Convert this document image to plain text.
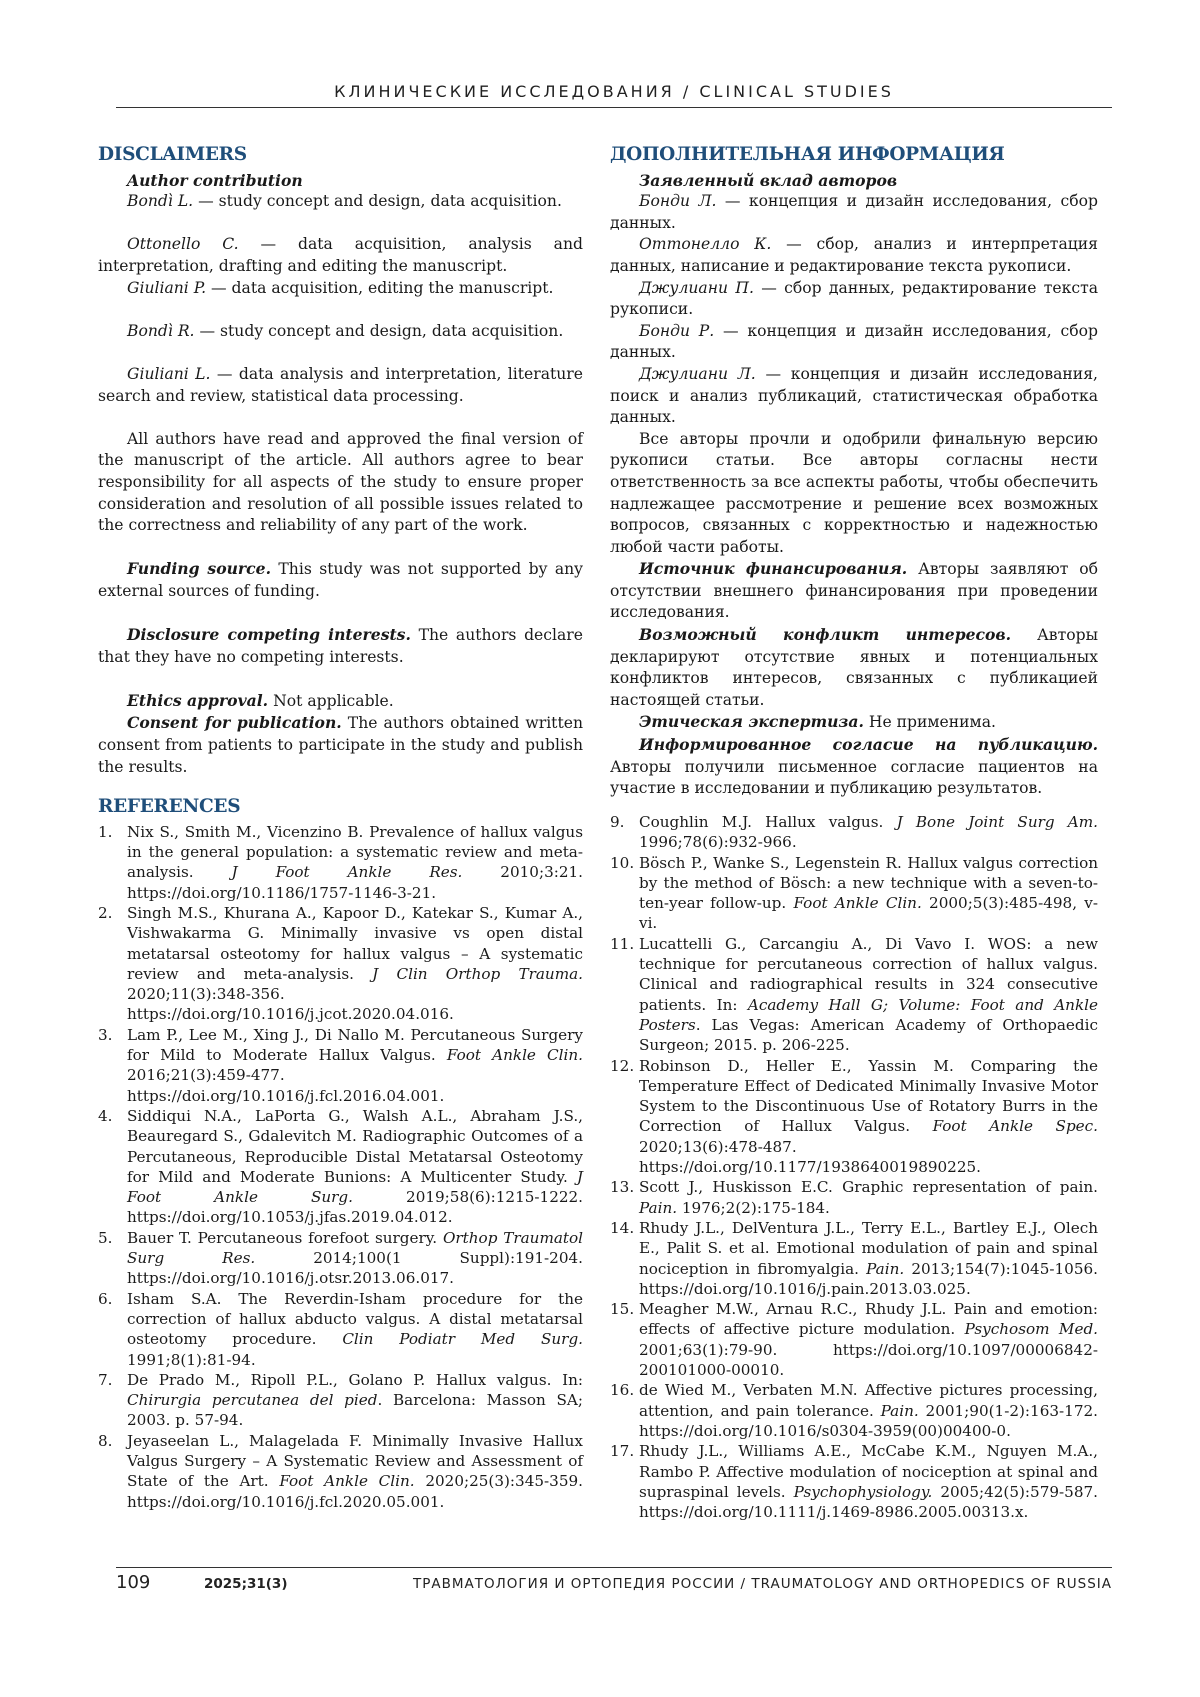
КЛИНИЧЕСКИЕ ИССЛЕДОВАНИЯ / CLINICAL STUDIES
DISCLAIMERS

Author contribution

Bondì L. — study concept and design, data acquisition.

Ottonello C. — data acquisition, analysis and interpretation, drafting and editing the manuscript.

Giuliani P. — data acquisition, editing the manuscript.

Bondì R. — study concept and design, data acquisition.

Giuliani L. — data analysis and interpretation, literature search and review, statistical data processing.

All authors have read and approved the final version of the manuscript of the article. All authors agree to bear responsibility for all aspects of the study to ensure proper consideration and resolution of all possible issues related to the correctness and reliability of any part of the work.

Funding source. This study was not supported by any external sources of funding.

Disclosure competing interests. The authors declare that they have no competing interests.

Ethics approval. Not applicable.

Consent for publication. The authors obtained written consent from patients to participate in the study and publish the results.

REFERENCES
ДОПОЛНИТЕЛЬНАЯ ИНФОРМАЦИЯ

Заявленный вклад авторов

Бонди Л. — концепция и дизайн исследования, сбор данных.

Оттонелло К. — сбор, анализ и интерпретация данных, написание и редактирование текста рукописи.

Джулиани П. — сбор данных, редактирование текста рукописи.

Бонди Р. — концепция и дизайн исследования, сбор данных.

Джулиани Л. — концепция и дизайн исследования, поиск и анализ публикаций, статистическая обработка данных.

Все авторы прочли и одобрили финальную версию рукописи статьи. Все авторы согласны нести ответственность за все аспекты работы, чтобы обеспечить надлежащее рассмотрение и решение всех возможных вопросов, связанных с корректностью и надежностью любой части работы.

Источник финансирования. Авторы заявляют об отсутствии внешнего финансирования при проведении исследования.

Возможный конфликт интересов. Авторы декларируют отсутствие явных и потенциальных конфликтов интересов, связанных с публикацией настоящей статьи.

Этическая экспертиза. Не применима.

Информированное согласие на публикацию. Авторы получили письменное согласие пациентов на участие в исследовании и публикацию результатов.

1. Nix S., Smith M., Vicenzino B. Prevalence of hallux valgus in the general population: a systematic review and meta-analysis. J Foot Ankle Res. 2010;3:21. https://doi.org/10.1186/1757-1146-3-21.
2. Singh M.S., Khurana A., Kapoor D., Katekar S., Kumar A., Vishwakarma G. Minimally invasive vs open distal metatarsal osteotomy for hallux valgus – A systematic review and meta-analysis. J Clin Orthop Trauma. 2020;11(3):348-356. https://doi.org/10.1016/j.jcot.2020.04.016.
3. Lam P., Lee M., Xing J., Di Nallo M. Percutaneous Surgery for Mild to Moderate Hallux Valgus. Foot Ankle Clin. 2016;21(3):459-477. https://doi.org/10.1016/j.fcl.2016.04.001.
4. Siddiqui N.A., LaPorta G., Walsh A.L., Abraham J.S., Beauregard S., Gdalevitch M. Radiographic Outcomes of a Percutaneous, Reproducible Distal Metatarsal Osteotomy for Mild and Moderate Bunions: A Multicenter Study. J Foot Ankle Surg. 2019;58(6):1215-1222. https://doi.org/10.1053/j.jfas.2019.04.012.
5. Bauer T. Percutaneous forefoot surgery. Orthop Traumatol Surg Res. 2014;100(1 Suppl):191-204. https://doi.org/10.1016/j.otsr.2013.06.017.
6. Isham S.A. The Reverdin-Isham procedure for the correction of hallux abducto valgus. A distal metatarsal osteotomy procedure. Clin Podiatr Med Surg. 1991;8(1):81-94.
7. De Prado M., Ripoll P.L., Golano P. Hallux valgus. In: Chirurgia percutanea del pied. Barcelona: Masson SA; 2003. p. 57-94.
8. Jeyaseelan L., Malagelada F. Minimally Invasive Hallux Valgus Surgery – A Systematic Review and Assessment of State of the Art. Foot Ankle Clin. 2020;25(3):345-359. https://doi.org/10.1016/j.fcl.2020.05.001.
9. Coughlin M.J. Hallux valgus. J Bone Joint Surg Am. 1996;78(6):932-966.
10. Bösch P., Wanke S., Legenstein R. Hallux valgus correction by the method of Bösch: a new technique with a seven-to-ten-year follow-up. Foot Ankle Clin. 2000;5(3):485-498, v-vi.
11. Lucattelli G., Carcangiu A., Di Vavo I. WOS: a new technique for percutaneous correction of hallux valgus. Clinical and radiographical results in 324 consecutive patients. In: Academy Hall G; Volume: Foot and Ankle Posters. Las Vegas: American Academy of Orthopaedic Surgeon; 2015. p. 206-225.
12. Robinson D., Heller E., Yassin M. Comparing the Temperature Effect of Dedicated Minimally Invasive Motor System to the Discontinuous Use of Rotatory Burrs in the Correction of Hallux Valgus. Foot Ankle Spec. 2020;13(6):478-487. https://doi.org/10.1177/1938640019890225.
13. Scott J., Huskisson E.C. Graphic representation of pain. Pain. 1976;2(2):175-184.
14. Rhudy J.L., DelVentura J.L., Terry E.L., Bartley E.J., Olech E., Palit S. et al. Emotional modulation of pain and spinal nociception in fibromyalgia. Pain. 2013;154(7):1045-1056. https://doi.org/10.1016/j.pain.2013.03.025.
15. Meagher M.W., Arnau R.C., Rhudy J.L. Pain and emotion: effects of affective picture modulation. Psychosom Med. 2001;63(1):79-90. https://doi.org/10.1097/00006842-200101000-00010.
16. de Wied M., Verbaten M.N. Affective pictures processing, attention, and pain tolerance. Pain. 2001;90(1-2):163-172. https://doi.org/10.1016/s0304-3959(00)00400-0.
17. Rhudy J.L., Williams A.E., McCabe K.M., Nguyen M.A., Rambo P. Affective modulation of nociception at spinal and supraspinal levels. Psychophysiology. 2005;42(5):579-587. https://doi.org/10.1111/j.1469-8986.2005.00313.x.
109	2025;31(3)	ТРАВМАТОЛОГИЯ И ОРТОПЕДИЯ РОССИИ / TRAUMATOLOGY AND ORTHOPEDICS OF RUSSIA
